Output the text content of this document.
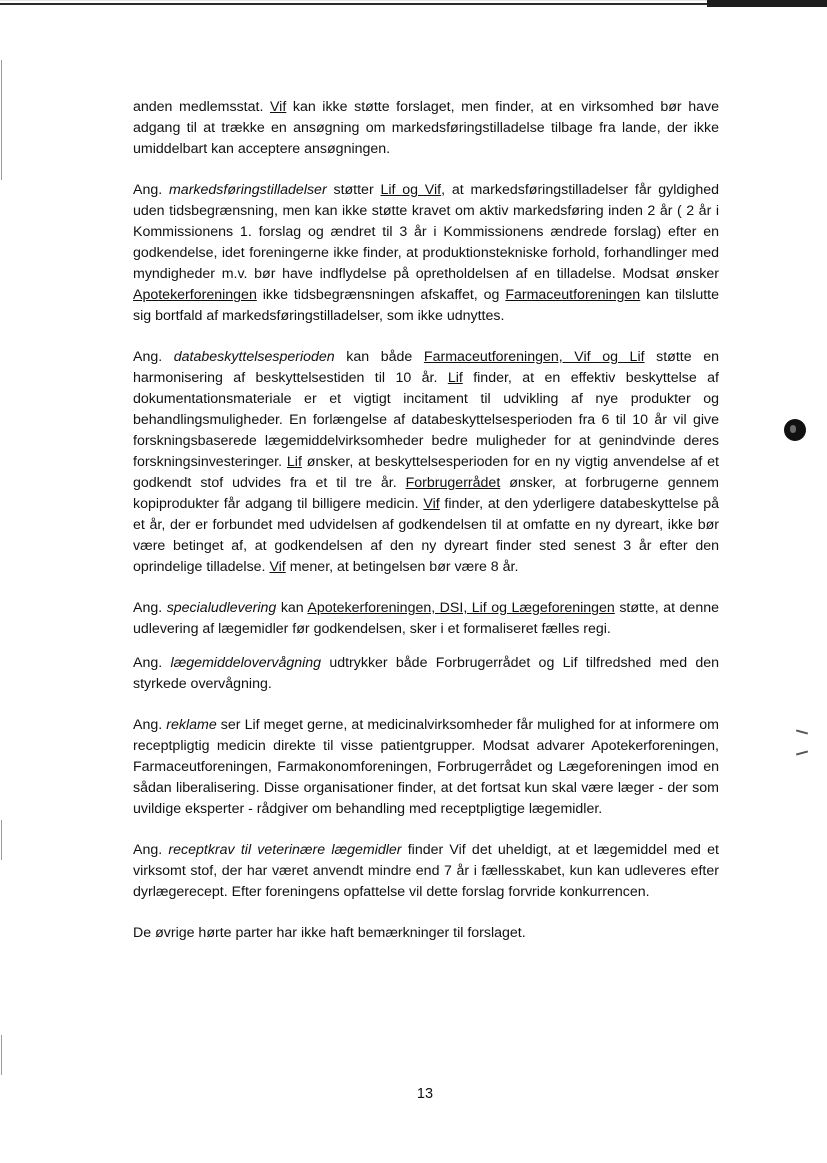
anden medlemsstat. Vif kan ikke støtte forslaget, men finder, at en virksomhed bør have adgang til at trække en ansøgning om markedsføringstilladelse tilbage fra lande, der ikke umiddelbart kan acceptere ansøgningen.

Ang. markedsføringstilladelser støtter Lif og Vif, at markedsføringstilladelser får gyldighed uden tidsbegrænsning, men kan ikke støtte kravet om aktiv markedsføring inden 2 år ( 2 år i Kommissionens 1. forslag og ændret til 3 år i Kommissionens ændrede forslag) efter en godkendelse, idet foreningerne ikke finder, at produktionstekniske forhold, forhandlinger med myndigheder m.v. bør have indflydelse på opretholdelsen af en tilladelse. Modsat ønsker Apotekerforeningen ikke tidsbegrænsningen afskaffet, og Farmaceutforeningen kan tilslutte sig bortfald af markedsføringstilladelser, som ikke udnyttes.

Ang. databeskyttelsesperioden kan både Farmaceutforeningen, Vif og Lif støtte en harmonisering af beskyttelsestiden til 10 år. Lif finder, at en effektiv beskyttelse af dokumentationsmateriale er et vigtigt incitament til udvikling af nye produkter og behandlingsmuligheder. En forlængelse af databeskyttelsesperioden fra 6 til 10 år vil give forskningsbaserede lægemiddelvirksomheder bedre muligheder for at genindvinde deres forskningsinvesteringer. Lif ønsker, at beskyttelsesperioden for en ny vigtig anvendelse af et godkendt stof udvides fra et til tre år. Forbrugerrådet ønsker, at forbrugerne gennem kopiprodukter får adgang til billigere medicin. Vif finder, at den yderligere databeskyttelse på et år, der er forbundet med udvidelsen af godkendelsen til at omfatte en ny dyreart, ikke bør være betinget af, at godkendelsen af den ny dyreart finder sted senest 3 år efter den oprindelige tilladelse. Vif mener, at betingelsen bør være 8 år.

Ang. specialudlevering kan Apotekerforeningen, DSI, Lif og Lægeforeningen støtte, at denne udlevering af lægemidler før godkendelsen, sker i et formaliseret fælles regi.

Ang. lægemiddelovervågning udtrykker både Forbrugerrådet og Lif tilfredshed med den styrkede overvågning.

Ang. reklame ser Lif meget gerne, at medicinalvirksomheder får mulighed for at informere om receptpligtig medicin direkte til visse patientgrupper. Modsat advarer Apotekerforeningen, Farmaceutforeningen, Farmakonomforeningen, Forbrugerrådet og Lægeforeningen imod en sådan liberalisering. Disse organisationer finder, at det fortsat kun skal være læger - der som uvildige eksperter - rådgiver om behandling med receptpligtige lægemidler.

Ang. receptkrav til veterinære lægemidler finder Vif det uheldigt, at et lægemiddel med et virksomt stof, der har været anvendt mindre end 7 år i fællesskabet, kun kan udleveres efter dyrlægerecept. Efter foreningens opfattelse vil dette forslag forvride konkurrencen.

De øvrige hørte parter har ikke haft bemærkninger til forslaget.

13
